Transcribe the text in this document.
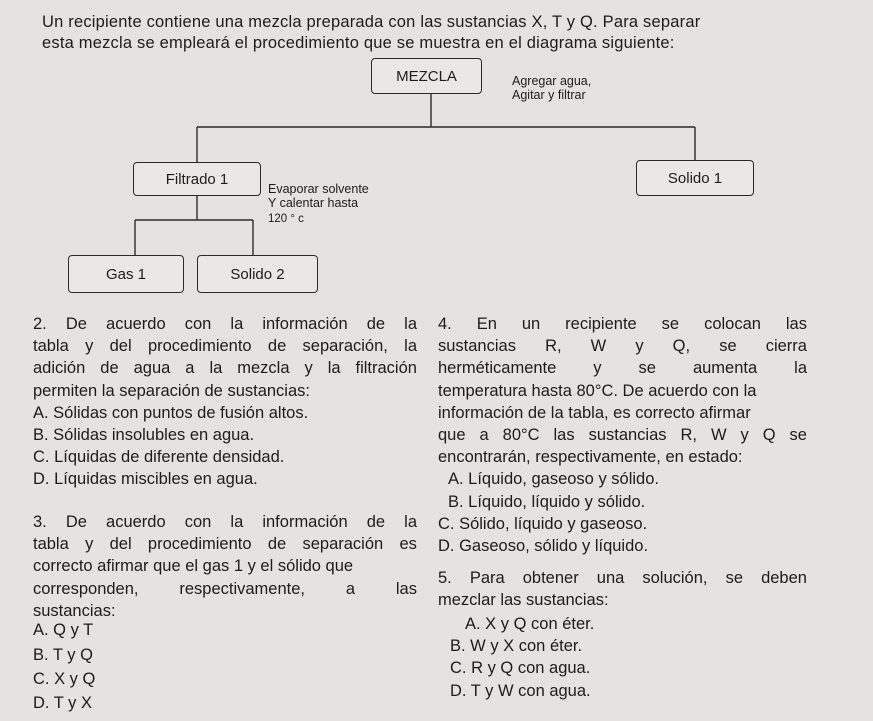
Un recipiente contiene una mezcla preparada con las sustancias X, T y Q. Para separar
esta mezcla se empleará el procedimiento que se muestra en el diagrama siguiente:
MEZCLA	Agregar agua,
Agitar y filtrar
Filtrado 1	Solido 1
Evaporar solvente
Y calentar hasta
120 ° c
Gas 1	Solido 2
2. De acuerdo con la información de la
tabla y del procedimiento de separación, la
adición de agua a la mezcla y la filtración
permiten la separación de sustancias:
A. Sólidas con puntos de fusión altos.
B. Sólidas insolubles en agua.
C. Líquidas de diferente densidad.
D. Líquidas miscibles en agua.
3. De acuerdo con la información de la
tabla y del procedimiento de separación es
correcto afirmar que el gas 1 y el sólido que
corresponden, respectivamente, a las
sustancias:
A. Q y T
B. T y Q
C. X y Q
D. T y X
4. En un recipiente se colocan las
sustancias R, W y Q, se cierra
herméticamente y se aumenta la
temperatura hasta 80°C. De acuerdo con la
información de la tabla, es correcto afirmar
que a 80°C las sustancias R, W y Q se
encontrarán, respectivamente, en estado:
A. Líquido, gaseoso y sólido.
B. Líquido, líquido y sólido.
C. Sólido, líquido y gaseoso.
D. Gaseoso, sólido y líquido.
5. Para obtener una solución, se deben
mezclar las sustancias:
A. X y Q con éter.
B. W y X con éter.
C. R y Q con agua.
D. T y W con agua.
